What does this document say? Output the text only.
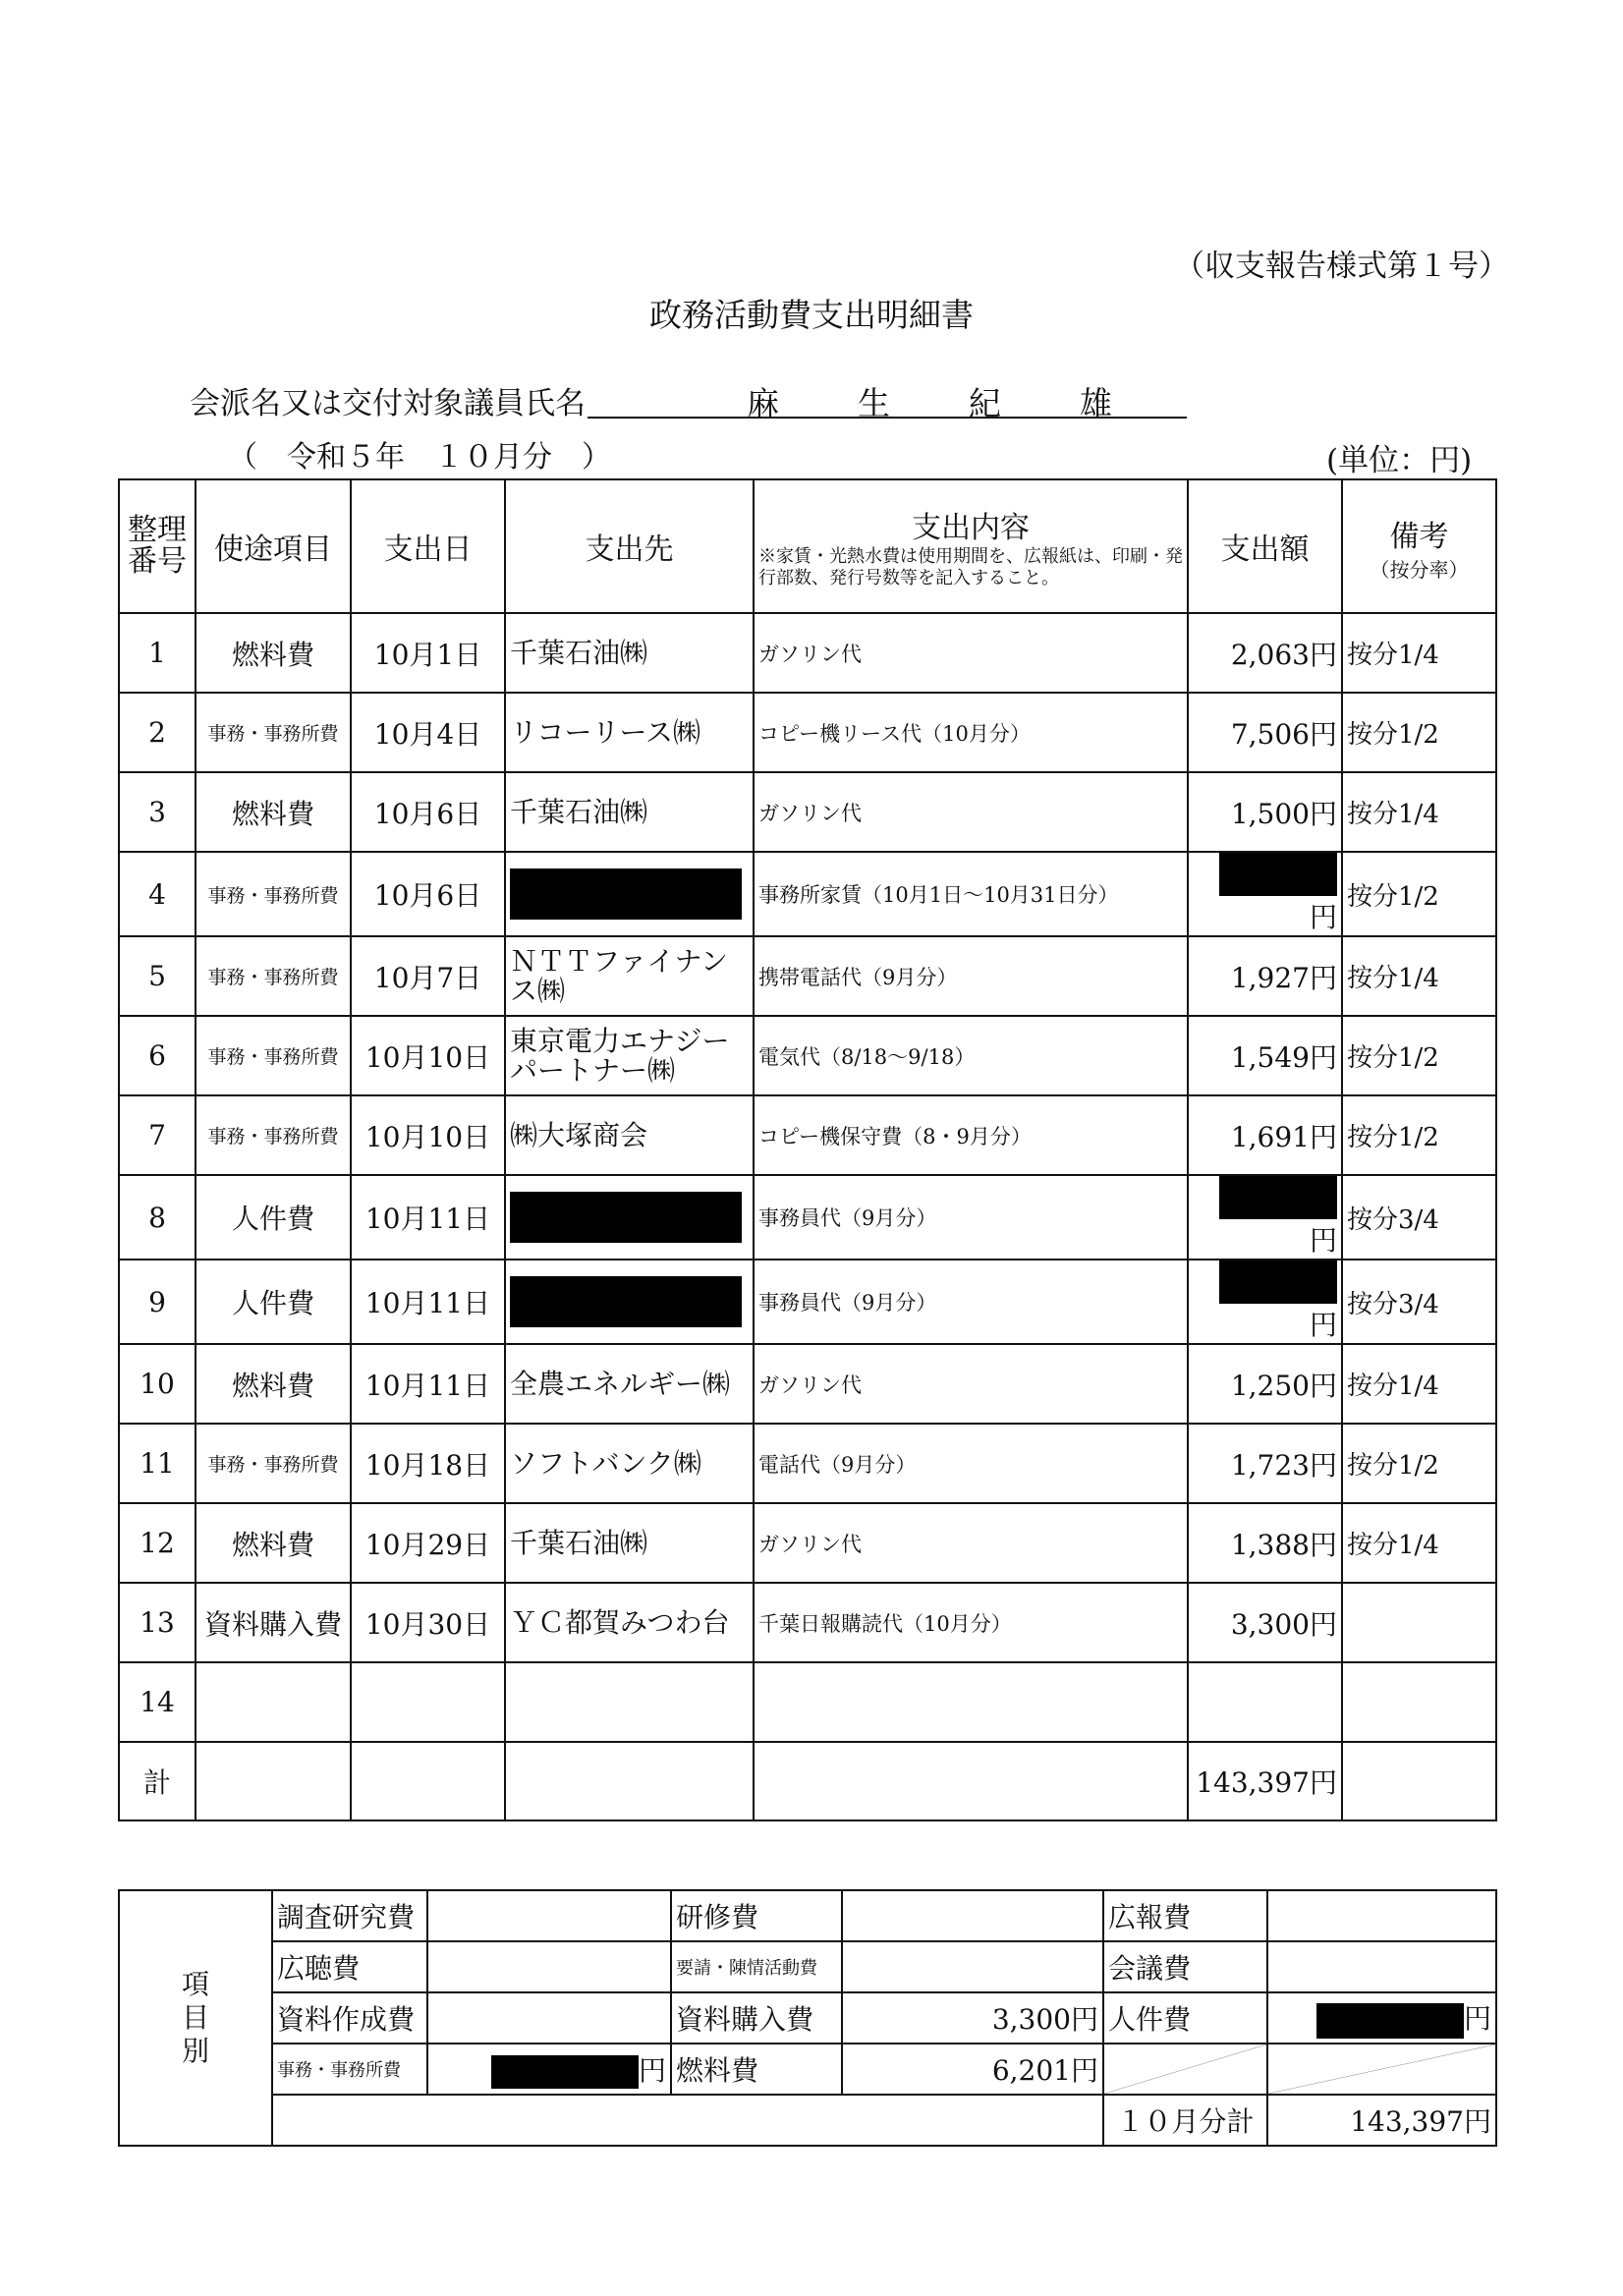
（収支報告様式第１号）
政務活動費支出明細書
会派名又は交付対象議員氏名	麻 生 紀 雄
（　令和５年　１０月分　）	(単位：円)
整理
番号	使途項目	支出日	支出先	支出内容
※家賃・光熱水費は使用期間を、広報紙は、印刷・発行部数、発行号数等を記入すること。	支出額	備考
（按分率）

1	燃料費	10月1日	千葉石油㈱	ガソリン代	2,063円	按分1/4
2	事務・事務所費	10月4日	リコーリース㈱	コピー機リース代（10月分）	7,506円	按分1/2
3	燃料費	10月6日	千葉石油㈱	ガソリン代	1,500円	按分1/4
4	事務・事務所費	10月6日		事務所家賃（10月1日～10月31日分）	円	按分1/2
5	事務・事務所費	10月7日	ＮＴＴファイナンス㈱	携帯電話代（9月分）	1,927円	按分1/4
6	事務・事務所費	10月10日	東京電力エナジーパートナー㈱	電気代（8/18～9/18）	1,549円	按分1/2
7	事務・事務所費	10月10日	㈱大塚商会	コピー機保守費（8・9月分）	1,691円	按分1/2
8	人件費	10月11日		事務員代（9月分）	円	按分3/4
9	人件費	10月11日		事務員代（9月分）	円	按分3/4
10	燃料費	10月11日	全農エネルギー㈱	ガソリン代	1,250円	按分1/4
11	事務・事務所費	10月18日	ソフトバンク㈱	電話代（9月分）	1,723円	按分1/2
12	燃料費	10月29日	千葉石油㈱	ガソリン代	1,388円	按分1/4
13	資料購入費	10月30日	ＹＣ都賀みつわ台	千葉日報購読代（10月分）	3,300円	
14						
計					143,397円	
項
目
別	調査研究費		研修費		広報費	
	広聴費		要請・陳情活動費		会議費	
	資料作成費		資料購入費	3,300円	人件費	円
	事務・事務所費	円	燃料費	6,201円	

					１０月分計	143,397円
